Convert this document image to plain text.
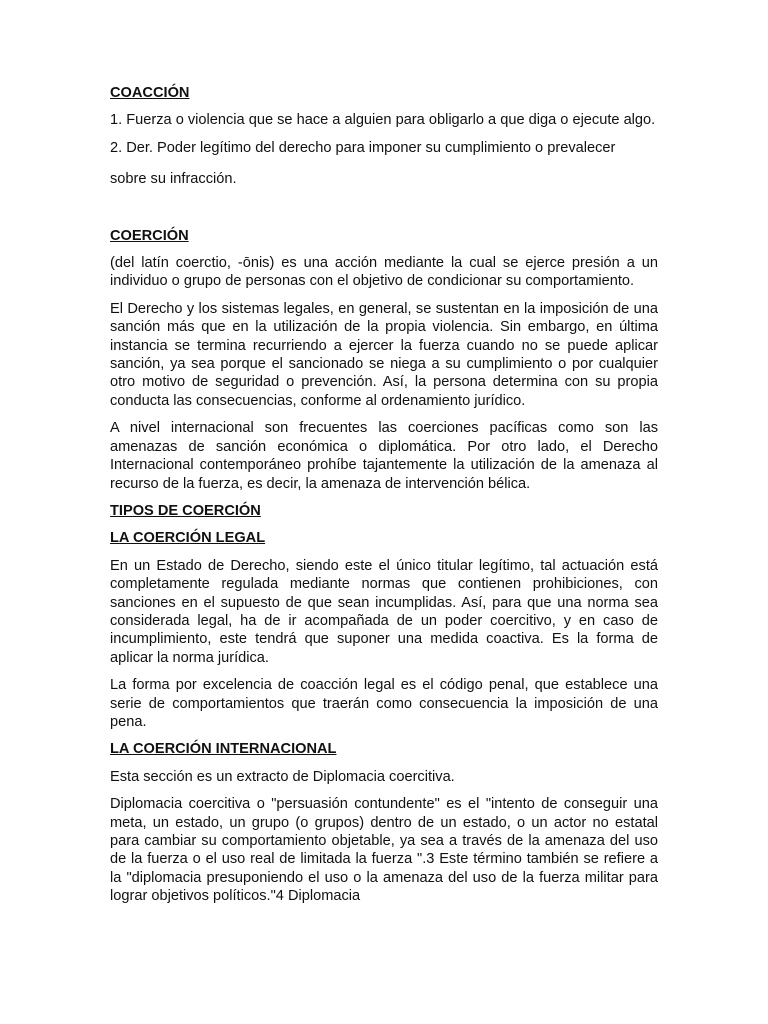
COACCIÓN
1. Fuerza o violencia que se hace a alguien para obligarlo a que diga o ejecute algo.
2. Der. Poder legítimo del derecho para imponer su cumplimiento o prevalecer
sobre su infracción.
COERCIÓN
(del latín coerctio, -ōnis) es una acción mediante la cual se ejerce presión a un individuo o grupo de personas con el objetivo de condicionar su comportamiento.
El Derecho y los sistemas legales, en general, se sustentan en la imposición de una sanción más que en la utilización de la propia violencia. Sin embargo, en última instancia se termina recurriendo a ejercer la fuerza cuando no se puede aplicar sanción, ya sea porque el sancionado se niega a su cumplimiento o por cualquier otro motivo de seguridad o prevención. Así, la persona determina con su propia conducta las consecuencias, conforme al ordenamiento jurídico.
A nivel internacional son frecuentes las coerciones pacíficas como son las amenazas de sanción económica o diplomática. Por otro lado, el Derecho Internacional contemporáneo prohíbe tajantemente la utilización de la amenaza al recurso de la fuerza, es decir, la amenaza de intervención bélica.
TIPOS DE COERCIÓN
LA COERCIÓN LEGAL
En un Estado de Derecho, siendo este el único titular legítimo, tal actuación está completamente regulada mediante normas que contienen prohibiciones, con sanciones en el supuesto de que sean incumplidas. Así, para que una norma sea considerada legal, ha de ir acompañada de un poder coercitivo, y en caso de incumplimiento, este tendrá que suponer una medida coactiva. Es la forma de aplicar la norma jurídica.
La forma por excelencia de coacción legal es el código penal, que establece una serie de comportamientos que traerán como consecuencia la imposición de una pena.
LA COERCIÓN INTERNACIONAL
Esta sección es un extracto de Diplomacia coercitiva.
Diplomacia coercitiva o "persuasión contundente" es el "intento de conseguir una meta, un estado, un grupo (o grupos) dentro de un estado, o un actor no estatal para cambiar su comportamiento objetable, ya sea a través de la amenaza del uso de la fuerza o el uso real de limitada la fuerza ".3 Este término también se refiere a la "diplomacia presuponiendo el uso o la amenaza del uso de la fuerza militar para lograr objetivos políticos."4 Diplomacia
